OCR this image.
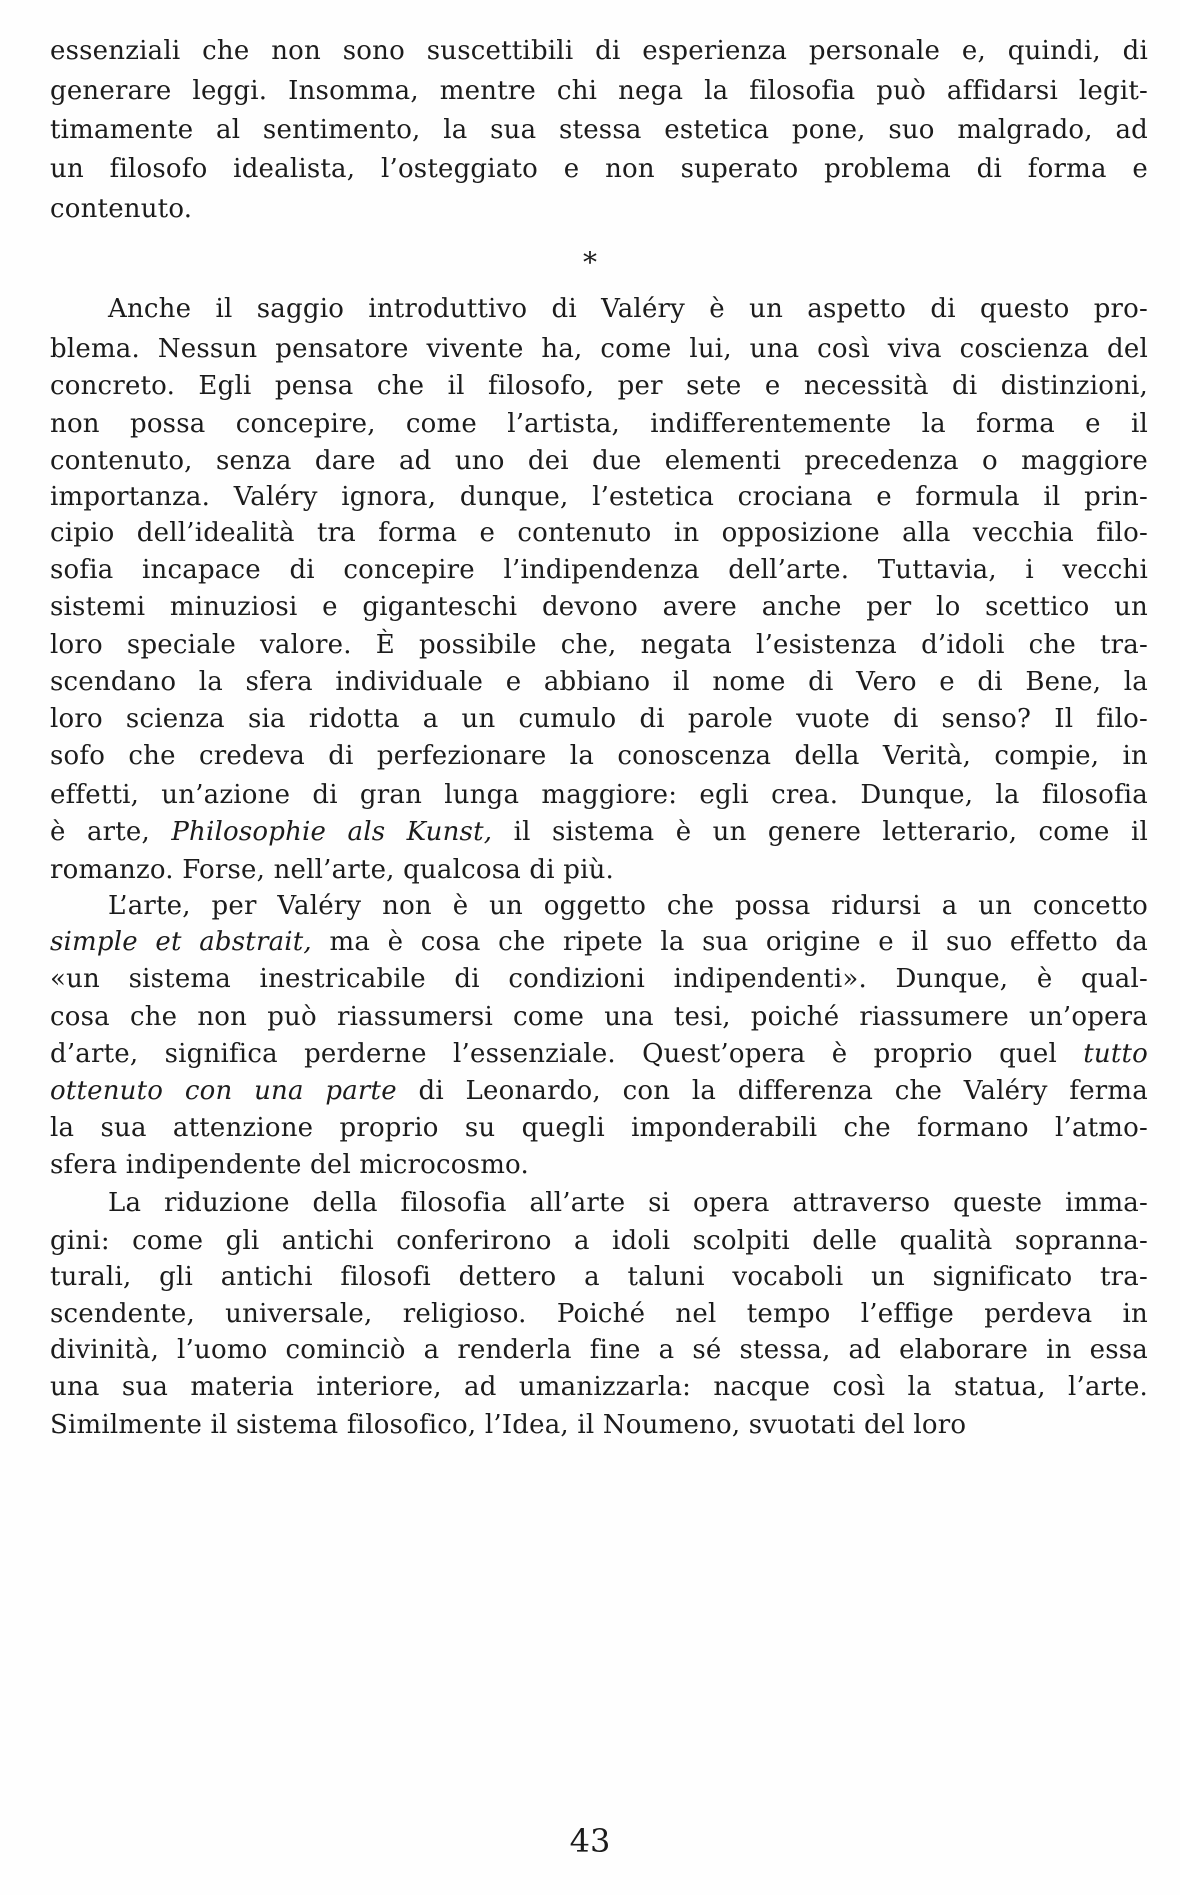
essenziali che non sono suscettibili di esperienza personale e, quindi, di
generare leggi. Insomma, mentre chi nega la filosofia può affidarsi legit-
timamente al sentimento, la sua stessa estetica pone, suo malgrado, ad
un filosofo idealista, l’osteggiato e non superato problema di forma e
contenuto.
*
Anche il saggio introduttivo di Valéry è un aspetto di questo pro-
blema. Nessun pensatore vivente ha, come lui, una così viva coscienza del
concreto. Egli pensa che il filosofo, per sete e necessità di distinzioni,
non possa concepire, come l’artista, indifferentemente la forma e il
contenuto, senza dare ad uno dei due elementi precedenza o maggiore
importanza. Valéry ignora, dunque, l’estetica crociana e formula il prin-
cipio dell’idealità tra forma e contenuto in opposizione alla vecchia filo-
sofia incapace di concepire l’indipendenza dell’arte. Tuttavia, i vecchi
sistemi minuziosi e giganteschi devono avere anche per lo scettico un
loro speciale valore. È possibile che, negata l’esistenza d’idoli che tra-
scendano la sfera individuale e abbiano il nome di Vero e di Bene, la
loro scienza sia ridotta a un cumulo di parole vuote di senso? Il filo-
sofo che credeva di perfezionare la conoscenza della Verità, compie, in
effetti, un’azione di gran lunga maggiore: egli crea. Dunque, la filosofia
è arte, Philosophie als Kunst, il sistema è un genere letterario, come il
romanzo. Forse, nell’arte, qualcosa di più.
L’arte, per Valéry non è un oggetto che possa ridursi a un concetto
simple et abstrait, ma è cosa che ripete la sua origine e il suo effetto da
«un sistema inestricabile di condizioni indipendenti». Dunque, è qual-
cosa che non può riassumersi come una tesi, poiché riassumere un’opera
d’arte, significa perderne l’essenziale. Quest’opera è proprio quel tutto
ottenuto con una parte di Leonardo, con la differenza che Valéry ferma
la sua attenzione proprio su quegli imponderabili che formano l’atmo-
sfera indipendente del microcosmo.
La riduzione della filosofia all’arte si opera attraverso queste imma-
gini: come gli antichi conferirono a idoli scolpiti delle qualità sopranna-
turali, gli antichi filosofi dettero a taluni vocaboli un significato tra-
scendente, universale, religioso. Poiché nel tempo l’effige perdeva in
divinità, l’uomo cominciò a renderla fine a sé stessa, ad elaborare in essa
una sua materia interiore, ad umanizzarla: nacque così la statua, l’arte.
Similmente il sistema filosofico, l’Idea, il Noumeno, svuotati del loro
43
